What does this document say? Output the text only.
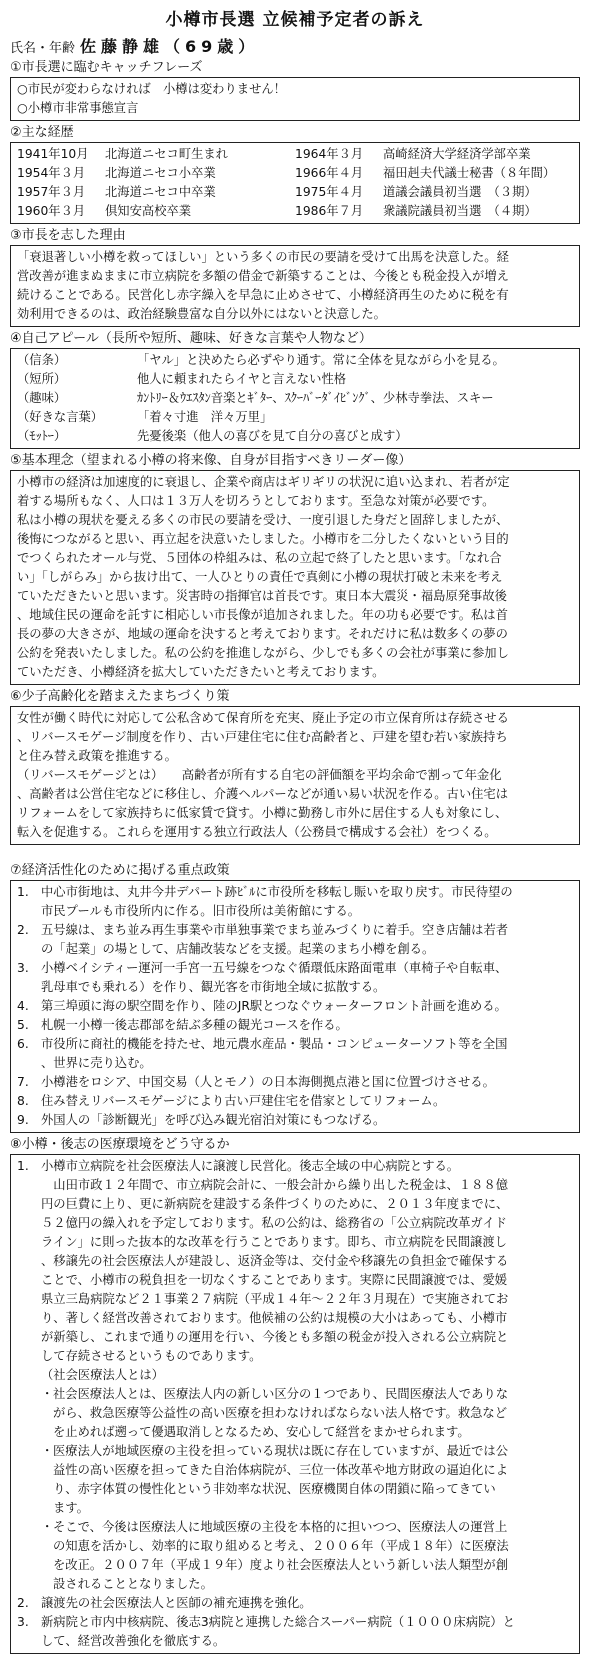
小樽市長選 立候補予定者の訴え
氏名・年齢 佐藤静雄（69歳）
①市長選に臨むキャッチフレーズ
○市民が変わらなければ　小樽は変わりません！
○小樽市非常事態宣言
②主な経歴
1941年10月	北海道ニセコ町生まれ	1964年３月	高崎経済大学経済学部卒業
1954年３月	北海道ニセコ小卒業	1966年４月	福田赳夫代議士秘書（８年間）
1957年３月	北海道ニセコ中卒業	1975年４月	道議会議員初当選　（３期）
1960年３月	倶知安高校卒業	1986年７月	衆議院議員初当選　（４期）
③市長を志した理由
「衰退著しい小樽を救ってほしい」という多くの市民の要請を受けて出馬を決意した。経
営改善が進まぬままに市立病院を多額の借金で新築することは、今後とも税金投入が増え
続けることである。民営化し赤字繰入を早急に止めさせて、小樽経済再生のために税を有
効利用できるのは、政治経験豊富な自分以外にはないと決意した。
④自己アピール（長所や短所、趣味、好きな言葉や人物など）
（信条）	「ヤル」と決めたら必ずやり通す。常に全体を見ながら小を見る。
（短所）	他人に頼まれたらイヤと言えない性格
（趣味）	ｶﾝﾄﾘｰ＆ｳｴｽﾀﾝ音楽とｷﾞﾀｰ、ｽｸｰﾊﾞｰﾀﾞｲﾋﾞﾝｸﾞ、少林寺拳法、スキー
（好きな言葉）	「着々寸進　洋々万里」
（ﾓｯﾄｰ）	先憂後楽（他人の喜びを見て自分の喜びと成す）
⑤基本理念（望まれる小樽の将来像、自身が目指すべきリーダー像）
小樽市の経済は加速度的に衰退し、企業や商店はギリギリの状況に追い込まれ、若者が定
着する場所もなく、人口は１３万人を切ろうとしております。至急な対策が必要です。
私は小樽の現状を憂える多くの市民の要請を受け、一度引退した身だと固辞しましたが、
後悔につながると思い、再立起を決意いたしました。小樽市を二分したくないという目的
でつくられたオール与党、５団体の枠組みは、私の立起で終了したと思います。「なれ合
い」「しがらみ」から抜け出て、一人ひとりの責任で真剣に小樽の現状打破と未来を考え
ていただきたいと思います。災害時の指揮官は首長です。東日本大震災・福島原発事故後
、地域住民の運命を託すに相応しい市長像が追加されました。年の功も必要です。私は首
長の夢の大きさが、地域の運命を決すると考えております。それだけに私は数多くの夢の
公約を発表いたしました。私の公約を推進しながら、少しでも多くの会社が事業に参加し
ていただき、小樽経済を拡大していただきたいと考えております。
⑥少子高齢化を踏まえたまちづくり策
女性が働く時代に対応して公私含めて保育所を充実、廃止予定の市立保育所は存続させる
、リバースモゲージ制度を作り、古い戸建住宅に住む高齢者と、戸建を望む若い家族持ち
と住み替え政策を推進する。
（リバースモゲージとは）　　高齢者が所有する自宅の評価額を平均余命で割って年金化
、高齢者は公営住宅などに移住し、介護ヘルパーなどが通い易い状況を作る。古い住宅は
リフォームをして家族持ちに低家賃で貸す。小樽に勤務し市外に居住する人も対象にし、
転入を促進する。これらを運用する独立行政法人（公務員で構成する会社）をつくる。
⑦経済活性化のために掲げる重点政策
1. 中心市街地は、丸井今井デパート跡ﾋﾞﾙに市役所を移転し賑いを取り戻す。市民待望の
市民プールも市役所内に作る。旧市役所は美術館にする。
2. 五号線は、まち並み再生事業や市単独事業でまち並みづくりに着手。空き店舗は若者
の「起業」の場として、店舗改装などを支援。起業のまち小樽を創る。
3. 小樽ベイシティー運河一手宮一五号線をつなぐ循環低床路面電車（車椅子や自転車、
乳母車でも乗れる）を作り、観光客を市街地全域に拡散する。
4. 第三埠頭に海の駅空間を作り、陸のJR駅とつなぐウォーターフロント計画を進める。
5. 札幌一小樽一後志郡部を結ぶ多種の観光コースを作る。
6. 市役所に商社的機能を持たせ、地元農水産品・製品・コンピューターソフト等を全国
、世界に売り込む。
7. 小樽港をロシア、中国交易（人とモノ）の日本海側拠点港と国に位置づけさせる。
8. 住み替えリバースモゲージにより古い戸建住宅を借家としてリフォーム。
9. 外国人の「診断観光」を呼び込み観光宿泊対策にもつなげる。
⑧小樽・後志の医療環境をどう守るか
1. 小樽市立病院を社会医療法人に譲渡し民営化。後志全域の中心病院とする。
　山田市政１２年間で、市立病院会計に、一般会計から繰り出した税金は、１８８億
円の巨費に上り、更に新病院を建設する条件づくりのために、２０１３年度までに、
５２億円の繰入れを予定しております。私の公約は、総務省の「公立病院改革ガイド
ライン」に則った抜本的な改革を行うことであります。即ち、市立病院を民間譲渡し
、移譲先の社会医療法人が建設し、返済金等は、交付金や移譲先の負担金で確保する
ことで、小樽市の税負担を一切なくすることであります。実際に民間譲渡では、愛媛
県立三島病院など２１事業２７病院（平成１４年～２２年３月現在）で実施されてお
り、著しく経営改善されております。他候補の公約は規模の大小はあっても、小樽市
が新築し、これまで通りの運用を行い、今後とも多額の税金が投入される公立病院と
して存続させるというものであります。
（社会医療法人とは）
・ 社会医療法人とは、医療法人内の新しい区分の１つであり、民間医療法人でありな
がら、救急医療等公益性の高い医療を担わなければならない法人格です。救急など
を止めれば遡って優遇取消しとなるため、安心して経営をまかせられます。
・ 医療法人が地域医療の主役を担っている現状は既に存在していますが、最近では公
益性の高い医療を担ってきた自治体病院が、三位一体改革や地方財政の逼迫化によ
り、赤字体質の慢性化という非効率な状況、医療機関自体の閉鎖に陥ってきてい
ます。
・ そこで、今後は医療法人に地域医療の主役を本格的に担いつつ、医療法人の運営上
の知恵を活かし、効率的に取り組めると考え、２００６年（平成１８年）に医療法
を改正。２００７年（平成１９年）度より社会医療法人という新しい法人類型が創
設されることとなりました。
2. 譲渡先の社会医療法人と医師の補充連携を強化。
3. 新病院と市内中核病院、後志3病院と連携した総合スーパー病院（１０００床病院）と
して、経営改善強化を徹底する。
